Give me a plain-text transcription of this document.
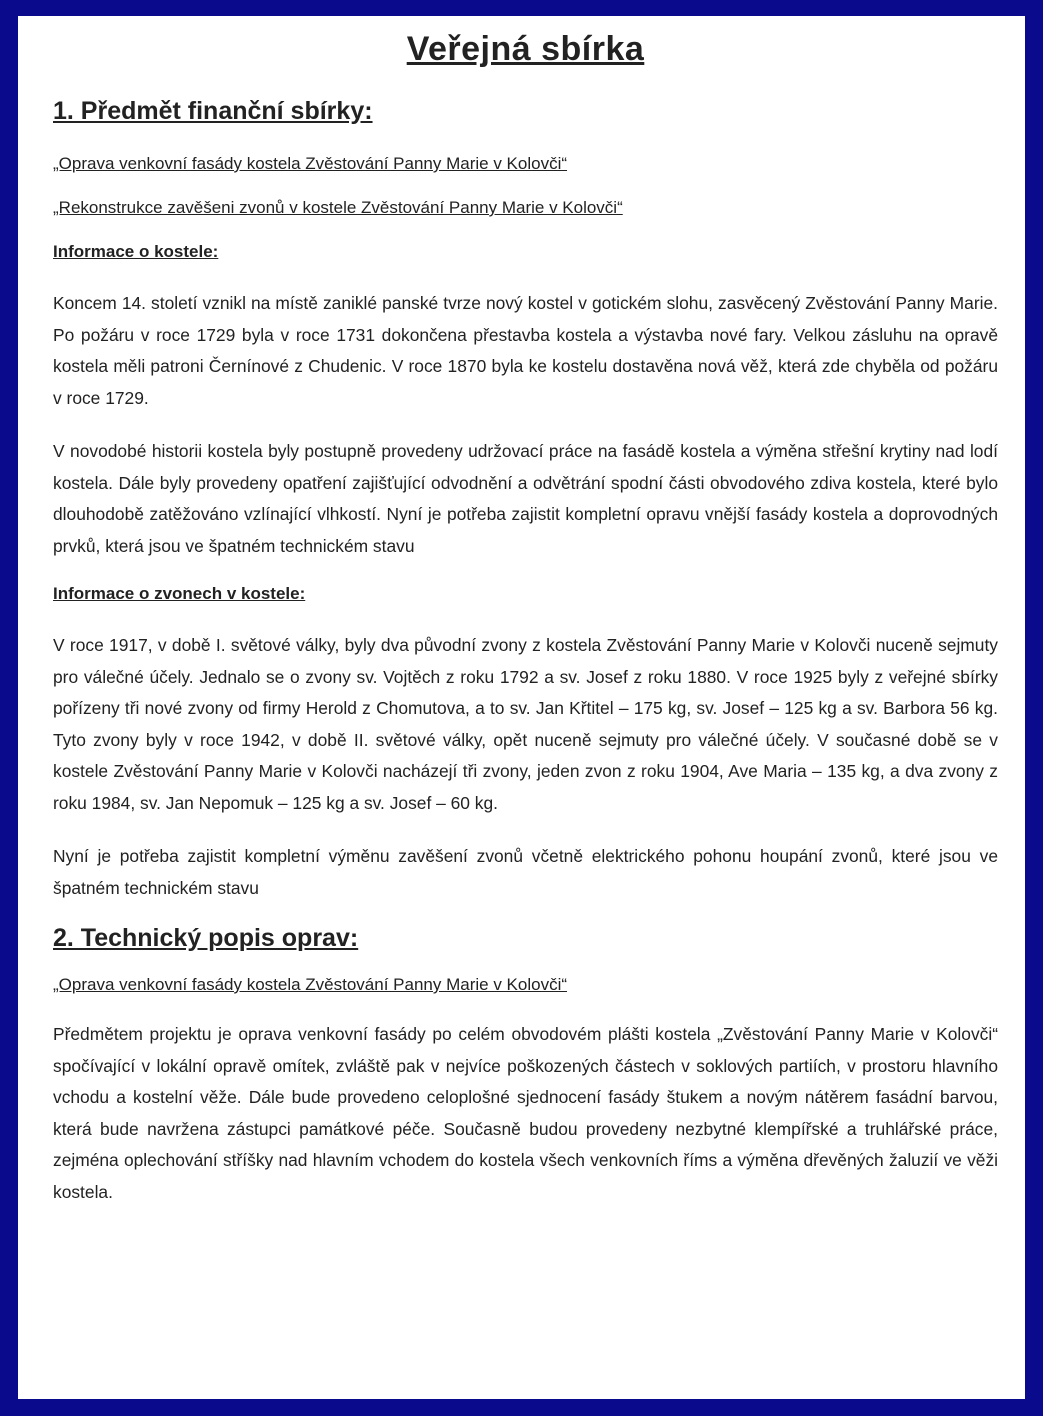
Veřejná sbírka
1. Předmět finanční sbírky:

„Oprava venkovní fasády kostela Zvěstování Panny Marie v Kolovči“

„Rekonstrukce zavěšeni zvonů v kostele Zvěstování Panny Marie v Kolovči“

Informace o kostele:

Koncem 14. století vznikl na místě zaniklé panské tvrze nový kostel v gotickém slohu, zasvěcený Zvěstování Panny Marie. Po požáru v roce 1729 byla v roce 1731 dokončena přestavba kostela a výstavba nové fary. Velkou zásluhu na opravě kostela měli patroni Černínové z Chudenic. V roce 1870 byla ke kostelu dostavěna nová věž, která zde chyběla od požáru v roce 1729.

V novodobé historii kostela byly postupně provedeny udržovací práce na fasádě kostela a výměna střešní krytiny nad lodí kostela. Dále byly provedeny opatření zajišťující odvodnění a odvětrání spodní části obvodového zdiva kostela, které bylo dlouhodobě zatěžováno vzlínající vlhkostí. Nyní je potřeba zajistit kompletní opravu vnější fasády kostela a doprovodných prvků, která jsou ve špatném technickém stavu

Informace o zvonech v kostele:

V roce 1917, v době I. světové války, byly dva původní zvony z kostela Zvěstování Panny Marie v Kolovči nuceně sejmuty pro válečné účely. Jednalo se o zvony sv. Vojtěch z roku 1792 a sv. Josef z roku 1880. V roce 1925 byly z veřejné sbírky pořízeny tři nové zvony od firmy Herold z Chomutova, a to sv. Jan Křtitel – 175 kg, sv. Josef – 125 kg a sv. Barbora 56 kg. Tyto zvony byly v roce 1942, v době II. světové války, opět nuceně sejmuty pro válečné účely. V současné době se v kostele Zvěstování Panny Marie v Kolovči nacházejí tři zvony, jeden zvon z roku 1904, Ave Maria – 135 kg, a dva zvony z roku 1984, sv. Jan Nepomuk – 125 kg a sv. Josef – 60 kg.

Nyní je potřeba zajistit kompletní výměnu zavěšení zvonů včetně elektrického pohonu houpání zvonů, které jsou ve špatném technickém stavu

2. Technický popis oprav:

„Oprava venkovní fasády kostela Zvěstování Panny Marie v Kolovči“

Předmětem projektu je oprava venkovní fasády po celém obvodovém plášti kostela „Zvěstování Panny Marie v Kolovči“ spočívající v lokální opravě omítek, zvláště pak v nejvíce poškozených částech v soklových partiích, v prostoru hlavního vchodu a kostelní věže. Dále bude provedeno celoplošné sjednocení fasády štukem a novým nátěrem fasádní barvou, která bude navržena zástupci památkové péče. Současně budou provedeny nezbytné klempířské a truhlářské práce, zejména oplechování stříšky nad hlavním vchodem do kostela všech venkovních říms a výměna dřevěných žaluzií ve věži kostela.
